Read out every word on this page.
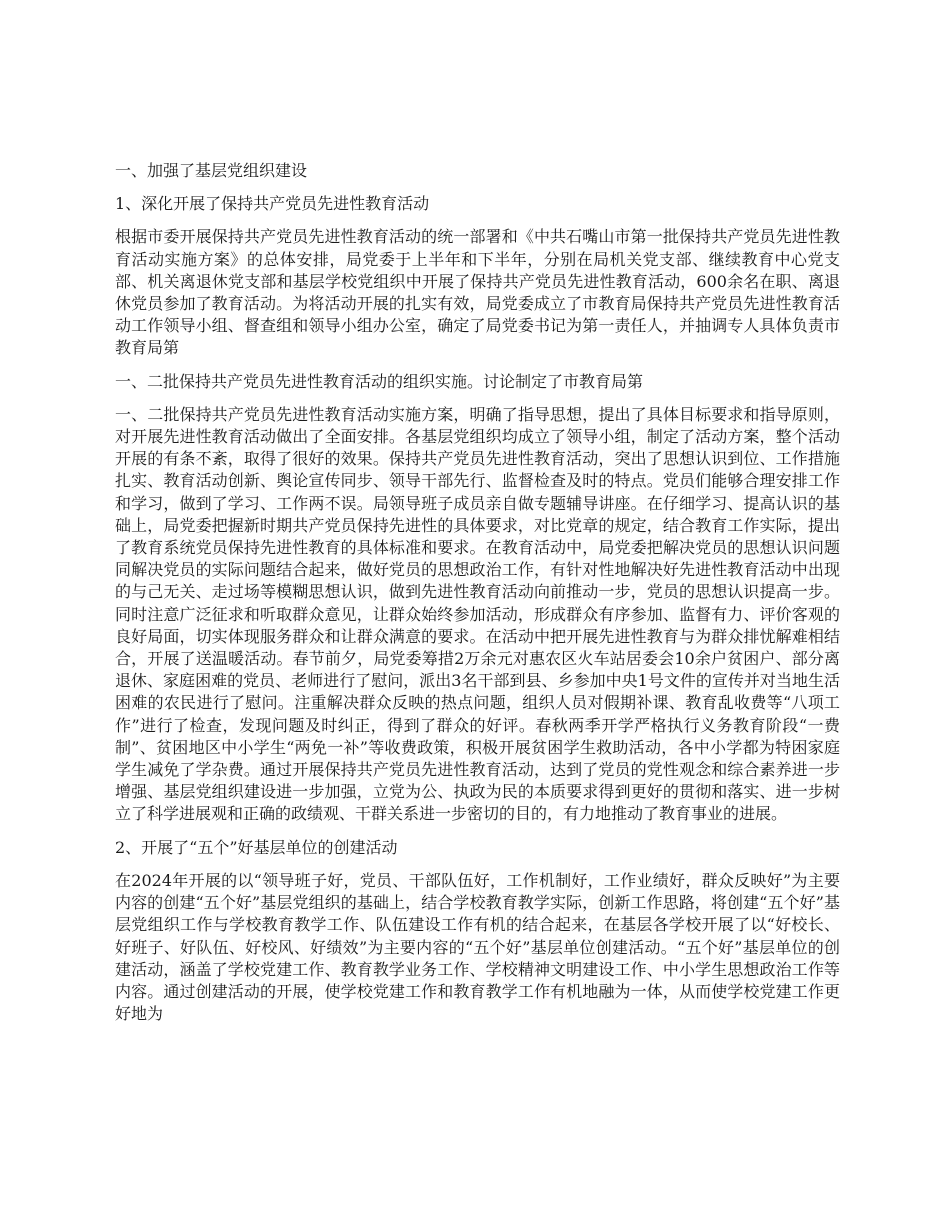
一、加强了基层党组织建设

1、深化开展了保持共产党员先进性教育活动

根据市委开展保持共产党员先进性教育活动的统一部署和《中共石嘴山市第一批保持共产党员先进性教育活动实施方案》的总体安排，局党委于上半年和下半年，分别在局机关党支部、继续教育中心党支部、机关离退休党支部和基层学校党组织中开展了保持共产党员先进性教育活动，600余名在职、离退休党员参加了教育活动。为将活动开展的扎实有效，局党委成立了市教育局保持共产党员先进性教育活动工作领导小组、督查组和领导小组办公室，确定了局党委书记为第一责任人，并抽调专人具体负责市教育局第

一、二批保持共产党员先进性教育活动的组织实施。讨论制定了市教育局第

一、二批保持共产党员先进性教育活动实施方案，明确了指导思想，提出了具体目标要求和指导原则，对开展先进性教育活动做出了全面安排。各基层党组织均成立了领导小组，制定了活动方案，整个活动开展的有条不紊，取得了很好的效果。保持共产党员先进性教育活动，突出了思想认识到位、工作措施扎实、教育活动创新、舆论宣传同步、领导干部先行、监督检查及时的特点。党员们能够合理安排工作和学习，做到了学习、工作两不误。局领导班子成员亲自做专题辅导讲座。在仔细学习、提高认识的基础上，局党委把握新时期共产党员保持先进性的具体要求，对比党章的规定，结合教育工作实际，提出了教育系统党员保持先进性教育的具体标准和要求。在教育活动中，局党委把解决党员的思想认识问题同解决党员的实际问题结合起来，做好党员的思想政治工作，有针对性地解决好先进性教育活动中出现的与己无关、走过场等模糊思想认识，做到先进性教育活动向前推动一步，党员的思想认识提高一步。同时注意广泛征求和听取群众意见，让群众始终参加活动，形成群众有序参加、监督有力、评价客观的良好局面，切实体现服务群众和让群众满意的要求。在活动中把开展先进性教育与为群众排忧解难相结合，开展了送温暖活动。春节前夕，局党委筹措2万余元对惠农区火车站居委会10余户贫困户、部分离退休、家庭困难的党员、老师进行了慰问，派出3名干部到县、乡参加中央1号文件的宣传并对当地生活困难的农民进行了慰问。注重解决群众反映的热点问题，组织人员对假期补课、教育乱收费等“八项工作”进行了检查，发现问题及时纠正，得到了群众的好评。春秋两季开学严格执行义务教育阶段“一费制”、贫困地区中小学生“两免一补”等收费政策，积极开展贫困学生救助活动，各中小学都为特困家庭学生减免了学杂费。通过开展保持共产党员先进性教育活动，达到了党员的党性观念和综合素养进一步增强、基层党组织建设进一步加强，立党为公、执政为民的本质要求得到更好的贯彻和落实、进一步树立了科学进展观和正确的政绩观、干群关系进一步密切的目的，有力地推动了教育事业的进展。

2、开展了“五个”好基层单位的创建活动

在2024年开展的以“领导班子好，党员、干部队伍好，工作机制好，工作业绩好，群众反映好”为主要内容的创建“五个好”基层党组织的基础上，结合学校教育教学实际，创新工作思路，将创建“五个好”基层党组织工作与学校教育教学工作、队伍建设工作有机的结合起来，在基层各学校开展了以“好校长、好班子、好队伍、好校风、好绩效”为主要内容的“五个好”基层单位创建活动。“五个好”基层单位的创建活动，涵盖了学校党建工作、教育教学业务工作、学校精神文明建设工作、中小学生思想政治工作等内容。通过创建活动的开展，使学校党建工作和教育教学工作有机地融为一体，从而使学校党建工作更好地为
